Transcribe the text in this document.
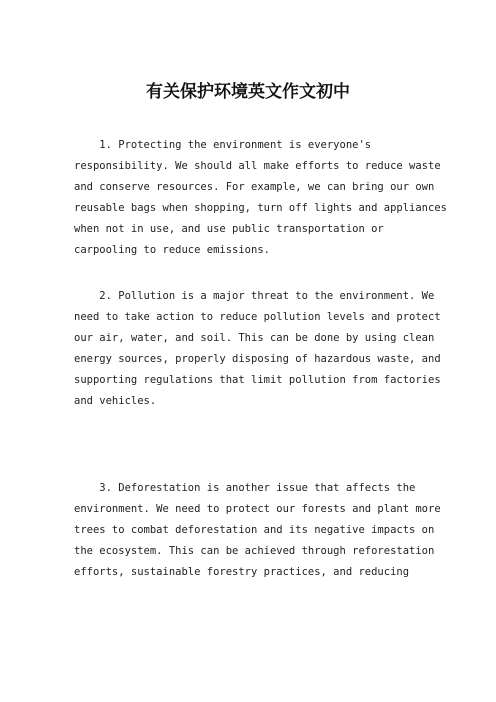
有关保护环境英文作文初中
1. Protecting the environment is everyone's
responsibility. We should all make efforts to reduce waste
and conserve resources. For example, we can bring our own
reusable bags when shopping, turn off lights and appliances
when not in use, and use public transportation or
carpooling to reduce emissions.
2. Pollution is a major threat to the environment. We
need to take action to reduce pollution levels and protect
our air, water, and soil. This can be done by using clean
energy sources, properly disposing of hazardous waste, and
supporting regulations that limit pollution from factories
and vehicles.
3. Deforestation is another issue that affects the
environment. We need to protect our forests and plant more
trees to combat deforestation and its negative impacts on
the ecosystem. This can be achieved through reforestation
efforts, sustainable forestry practices, and reducing
